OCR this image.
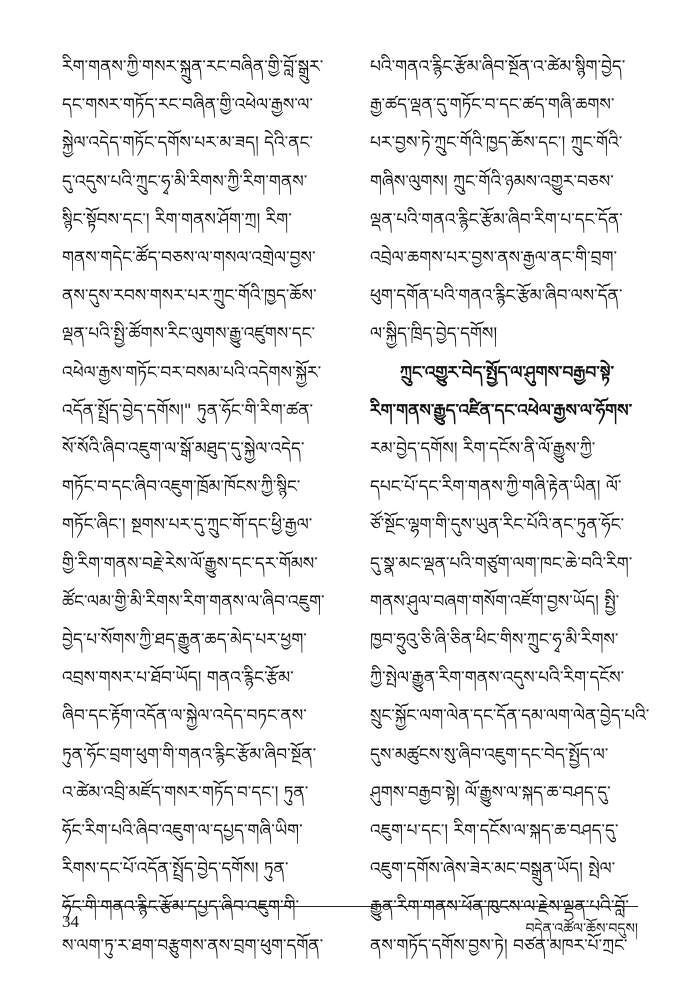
རིག་གནས་ཀྱི་གསར་སྐྲུན་རང་བཞིན་གྱི་བློ་སྒྲུར་
དང་གསར་གཏོད་རང་བཞིན་གྱི་འཕེལ་རྒྱས་ལ་
སྐྱེལ་འདེད་གཏོང་དགོས་པར་མ་ཟད། དེའི་ནང་
དུ་འདུས་པའི་ཀྲུང་ཧྭ་མི་རིགས་ཀྱི་རིག་གནས་
སྙིང་སྟོབས་དང་། རིག་གནས་ཤོག་ཀྲ། རིག་
གནས་གདེང་ཚོད་བཅས་ལ་གསལ་འགྲེལ་བྱས་
ནས་དུས་རབས་གསར་པར་ཀྲུང་གོའི་ཁྱད་ཆོས་
ལྡན་པའི་སྤྱི་ཚོགས་རིང་ལུགས་རྒྱུ་འཛུགས་དང་
འཕེལ་རྒྱས་གཏོང་བར་བསམ་པའི་འདེགས་སྐྱོར་
འདོན་སྤྲོད་བྱེད་དགོས།" ཏུན་ཧོང་གི་རིག་ཚན་
སོ་སོའི་ཞིབ་འཇུག་ལ་སྒོ་མཐུད་དུ་སྐྱེལ་འདེད་
གཏོང་བ་དང་ཞིབ་འཇུག་ཁྲོམ་ཁོངས་ཀྱི་སྙིང་
གཏོང་ཞིང་། སྔགས་པར་དུ་ཀྲུང་གོ་དང་ཕྱི་རྒྱལ་
གྱི་རིག་གནས་བརྗེ་རེས་ལོ་རྒྱུས་དང་དར་གོམས་
ཚོང་ལམ་གྱི་མི་རིགས་རིག་གནས་ལ་ཞིབ་འཇུག་
བྱེད་པ་སོགས་ཀྱི་ཐད་རྒྱུན་ཆད་མེད་པར་ཕྱག་
འབྲས་གསར་པ་ཐོབ་ཡོད། གནའ་རྙིང་རྩོམ་
ཞིབ་དང་རྟོག་འདོན་ལ་སྐྱེལ་འདེད་བཏང་ནས་
ཏུན་ཧོང་བྲག་ཕུག་གི་གནའ་རྙིང་རྩོམ་ཞིབ་སྔོན་
འ་ཚེམ་འབྲི་མཛོད་གསར་གཏོད་བ་དང་། ཏུན་
ཧོང་རིག་པའི་ཞིབ་འཇུག་ལ་དཔྱད་གཞི་ཡིག་
རིགས་དང་པོ་འདོན་སྤྲོད་བྱེད་དགོས། ཏུན་
ཧོང་གི་གནའ་རྙིང་རྩོམ་དཔྱད་ཞིབ་འཇུག་གི་
ས་ལག་ཏུ་ར་ཐག་བརྩུགས་ནས་བྲག་ཕུག་དགོན་
པའི་གནའ་རྙིང་རྩོམ་ཞིབ་སྔོན་འ་ཚེམ་སྙིག་བྱེད་
རྒྱ་ཚད་ལྡན་དུ་གཏོང་བ་དང་ཚད་གཞི་ཆགས་
པར་བྱས་ཏེ་ཀྲུང་གོའི་ཁྱད་ཆོས་དང་། ཀྲུང་གོའི་
གཞིས་ལུགས། ཀྲུང་གོའི་ཉམས་འགྱུར་བཅས་
ལྡན་པའི་གནའ་རྙིང་རྩོམ་ཞིབ་རིག་པ་དང་དོན་
འབྲེལ་ཆགས་པར་བྱས་ནས་རྒྱལ་ནང་གི་བྲག་
ཕུག་དགོན་པའི་གནའ་རྙིང་རྩོམ་ཞིབ་ལས་དོན་
ལ་སྐྱིད་ཁྲིད་བྱེད་དགོས།
ཀྲུང་འགྱུར་བེད་སྤྱོད་ལ་ཤུགས་བརྒྱབ་སྟེ་
རིག་གནས་རྒྱུད་འཛིན་དང་འཕེལ་རྒྱས་ལ་ཧོགས་
རམ་བྱེད་དགོས། རིག་དངོས་ནི་ལོ་རྒྱུས་ཀྱི་
དཔང་པོ་དང་རིག་གནས་ཀྱི་གཞི་རྟེན་ཡིན། ལོ་
ཙོ་སྔོང་ལྷག་གི་དུས་ཡུན་རིང་པོའི་ནང་ཏུན་ཧོང་
དུ་སྣ་མང་ལྡན་པའི་གཙུག་ལག་ཁང་ཆེ་བའི་རིག་
གནས་ཤུལ་བཞག་གསོག་འཛོག་བྱས་ཡོད། སྤྱི་
ཁྱབ་ཧྲུའུ་ཅི་ཞི་ཅིན་ཕིང་གིས་ཀྲུང་ཧྭ་མི་རིགས་
ཀྱི་སྤེལ་རྒྱུན་རིག་གནས་འདུས་པའི་རིག་དངོས་
སྲུང་སྐྱོང་ལག་ལེན་དང་དོན་དམ་ལག་ལེན་བྱེད་པའི་
དུས་མཚུངས་སུ་ཞིབ་འཇུག་དང་བེད་སྤྱོད་ལ་
ཤུགས་བརྒྱབ་སྟེ། ལོ་རྒྱུས་ལ་སྐད་ཆ་བཤད་དུ་
འཇུག་པ་དང་། རིག་དངོས་ལ་སྐད་ཆ་བཤད་དུ་
འཇུག་དགོས་ཞེས་ཟེར་མང་བསྒྲུན་ཡོད། སྤེལ་
རྒྱུན་རིག་གནས་ཕོན་ཁུངས་ལ་རྗེས་ལྡན་པའི་བློ་
ནས་གཏོད་དགོས་བྱས་ཏེ། བཙན་མཁར་པོ་ཀྲང་
34	བདེན་འཚོལ་ཆོས་བདུས།
